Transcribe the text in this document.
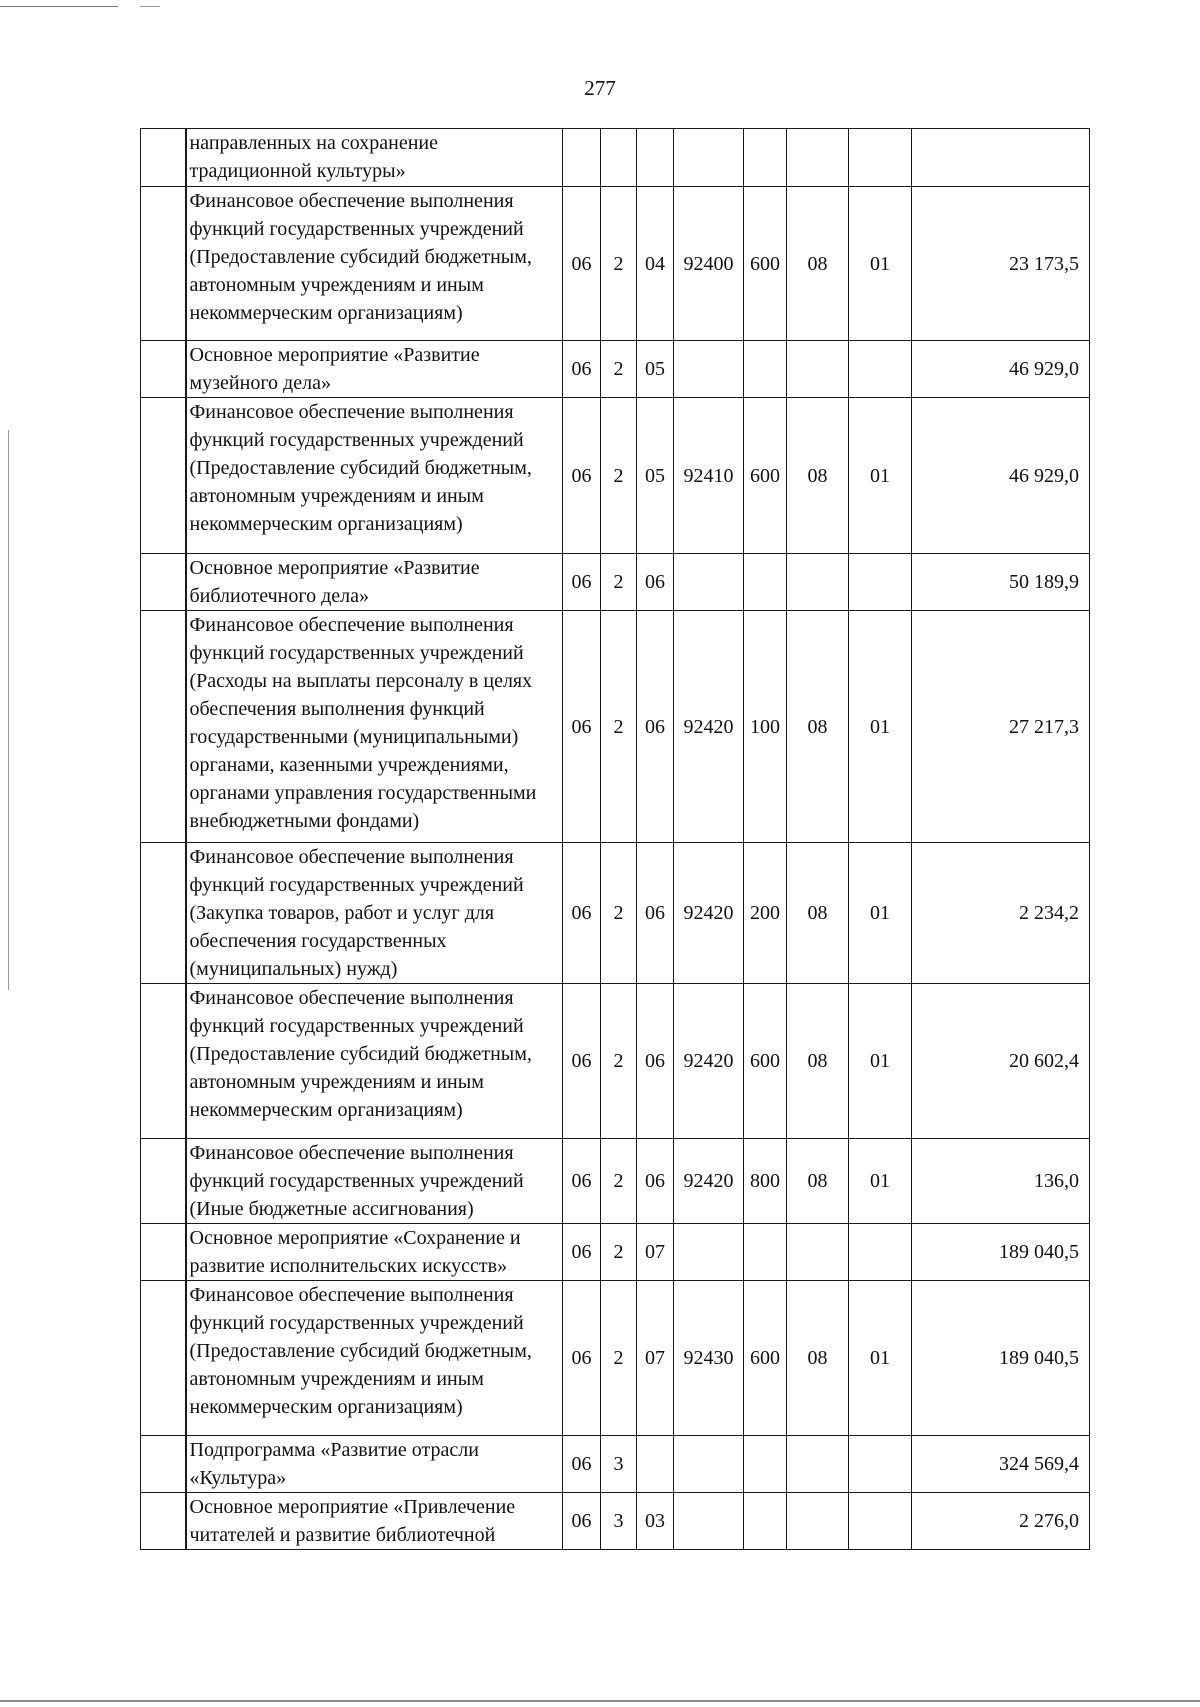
277
	направленных на сохранение традиционной культуры»								
	Финансовое обеспечение выполнения функций государственных учреждений (Предоставление субсидий бюджетным, автономным учреждениям и иным некоммерческим организациям)	06	2	04	92400	600	08	01	23 173,5
	Основное мероприятие «Развитие музейного дела»	06	2	05					46 929,0
	Финансовое обеспечение выполнения функций государственных учреждений (Предоставление субсидий бюджетным, автономным учреждениям и иным некоммерческим организациям)	06	2	05	92410	600	08	01	46 929,0
	Основное мероприятие «Развитие библиотечного дела»	06	2	06					50 189,9
	Финансовое обеспечение выполнения функций государственных учреждений (Расходы на выплаты персоналу в целях обеспечения выполнения функций государственными (муниципальными) органами, казенными учреждениями, органами управления государственными внебюджетными фондами)	06	2	06	92420	100	08	01	27 217,3
	Финансовое обеспечение выполнения функций государственных учреждений (Закупка товаров, работ и услуг для обеспечения государственных (муниципальных) нужд)	06	2	06	92420	200	08	01	2 234,2
	Финансовое обеспечение выполнения функций государственных учреждений (Предоставление субсидий бюджетным, автономным учреждениям и иным некоммерческим организациям)	06	2	06	92420	600	08	01	20 602,4
	Финансовое обеспечение выполнения функций государственных учреждений (Иные бюджетные ассигнования)	06	2	06	92420	800	08	01	136,0
	Основное мероприятие «Сохранение и развитие исполнительских искусств»	06	2	07					189 040,5
	Финансовое обеспечение выполнения функций государственных учреждений (Предоставление субсидий бюджетным, автономным учреждениям и иным некоммерческим организациям)	06	2	07	92430	600	08	01	189 040,5
	Подпрограмма «Развитие отрасли «Культура»	06	3						324 569,4
	Основное мероприятие «Привлечение читателей и развитие библиотечной	06	3	03					2 276,0
